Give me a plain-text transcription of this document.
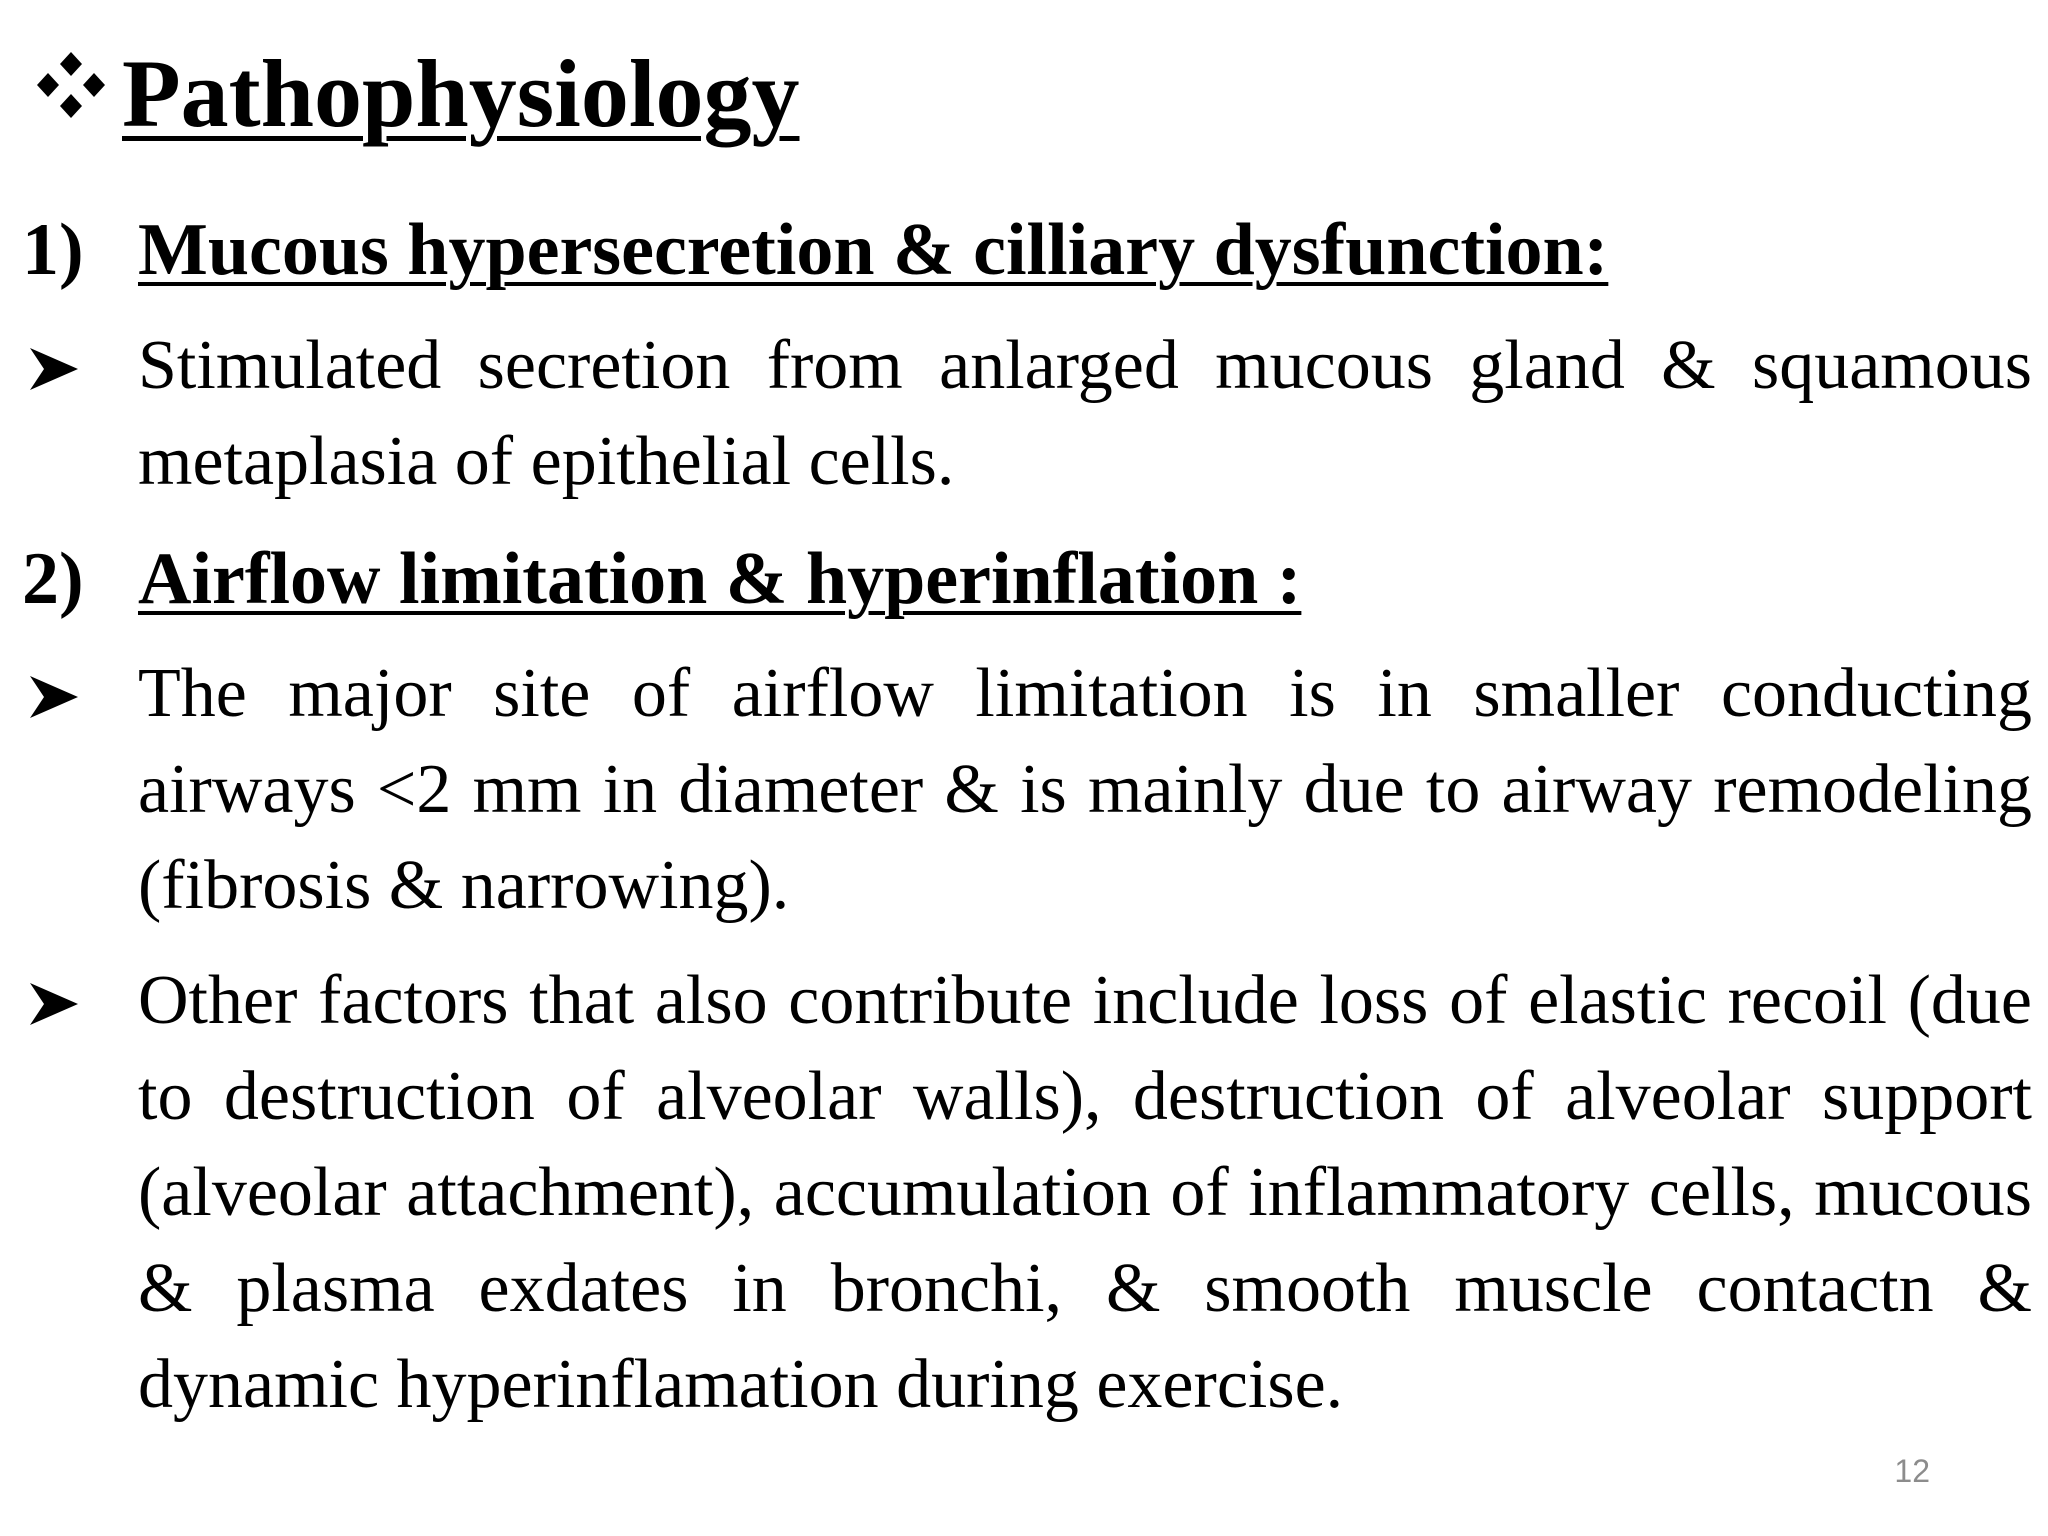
Pathophysiology
1) Mucous hypersecretion & cilliary dysfunction:
Stimulated secretion from anlarged mucous gland & squamous metaplasia of epithelial cells.
2) Airflow limitation & hyperinflation :
The major site of airflow limitation is in smaller conducting airways <2 mm in diameter & is mainly due to airway remodeling (fibrosis & narrowing).
Other factors that also contribute include loss of elastic recoil (due to destruction of alveolar walls), destruction of alveolar support (alveolar attachment), accumulation of inflammatory cells, mucous & plasma exdates in bronchi, & smooth muscle contactn & dynamic hyperinflamation during exercise.
12
